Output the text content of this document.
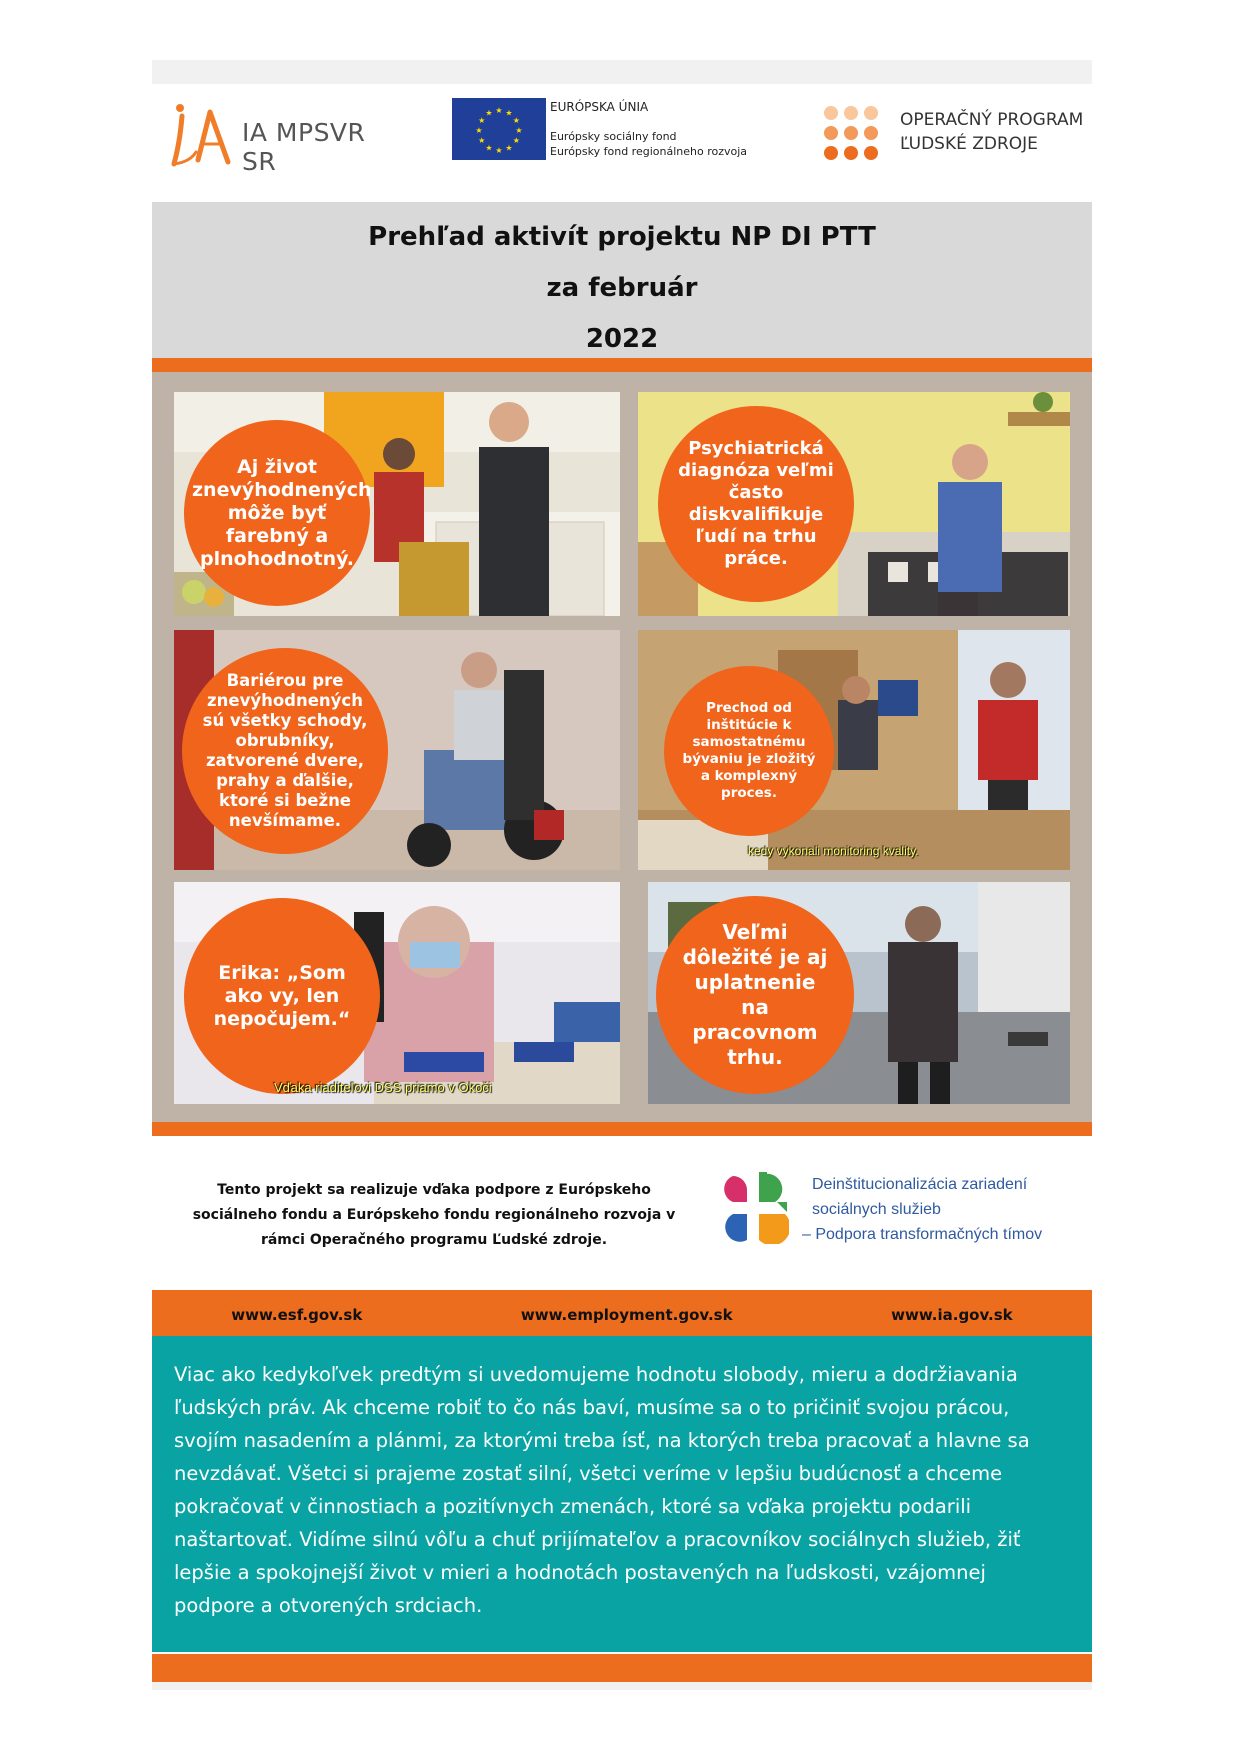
IA MPSVR SR
★ ★
★
★
★
★
★
★
★
★
★
★	EURÓPSKA ÚNIA
Európsky sociálny fond
Európsky fond regionálneho rozvoja
OPERAČNÝ PROGRAM
ĽUDSKÉ ZDROJE
Prehľad aktivít projektu NP DI PTT
za február
2022
Aj život znevýhodnených môže byť farebný a plnohodnotný.
Psychiatrická diagnóza veľmi často diskvalifikuje ľudí na trhu práce.
Bariérou pre znevýhodnených sú všetky schody, obrubníky, zatvorené dvere, prahy a ďalšie, ktoré si bežne nevšímame.
Prechod od inštitúcie k samostatnému bývaniu je zložitý a komplexný proces.
kedy vykonali monitoring kvality.
Erika: „Som ako vy, len nepočujem.“
Vďaka riaditeľovi DSS priamo v Okoči
Veľmi dôležité je aj uplatnenie na pracovnom trhu.
Tento projekt sa realizuje vďaka podpore z Európskeho
sociálneho fondu a Európskeho fondu regionálneho rozvoja v
rámci Operačného programu Ľudské zdroje.
Deinštitucionalizácia zariadení
sociálnych služieb
– Podpora transformačných tímov
www.esf.gov.sk	www.employment.gov.sk	www.ia.gov.sk

Viac ako kedykoľvek predtým si uvedomujeme hodnotu slobody, mieru a dodržiavania ľudských práv. Ak chceme robiť to čo nás baví, musíme sa o to pričiniť svojou prácou, svojím nasadením a plánmi, za ktorými treba ísť, na ktorých treba pracovať a hlavne sa nevzdávať. Všetci si prajeme zostať silní, všetci veríme v lepšiu budúcnosť a chceme pokračovať v činnostiach a pozitívnych zmenách, ktoré sa vďaka projektu podarili naštartovať. Vidíme silnú vôľu a chuť prijímateľov a pracovníkov sociálnych služieb, žiť lepšie a spokojnejší život v mieri a hodnotách postavených na ľudskosti, vzájomnej podpore a otvorených srdciach.
